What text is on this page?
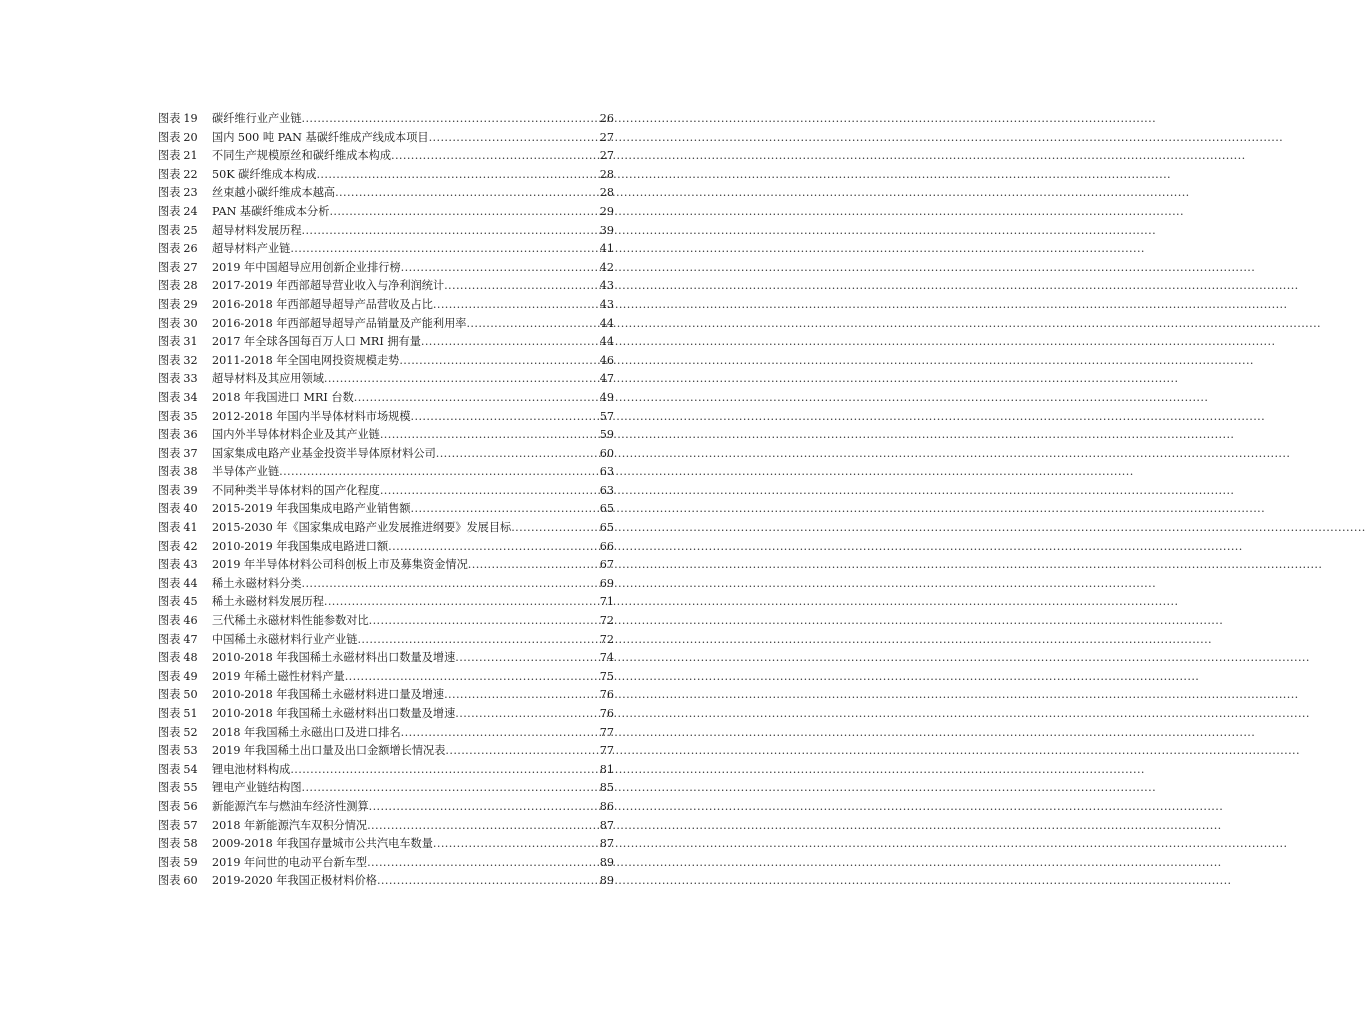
图表 19	碳纤维行业产业链 .....	26
图表 20	国内 500 吨 PAN 基碳纤维成产线成本项目 .....	27
图表 21	不同生产规模原丝和碳纤维成本构成 .....	27
图表 22	50K 碳纤维成本构成 .....	28
图表 23	丝束越小碳纤维成本越高 .....	28
图表 24	PAN 基碳纤维成本分析 .....	29
图表 25	超导材料发展历程 .....	39
图表 26	超导材料产业链 .....	41
图表 27	2019 年中国超导应用创新企业排行榜 .....	42
图表 28	2017-2019 年西部超导营业收入与净利润统计 .....	43
图表 29	2016-2018 年西部超导超导产品营收及占比 .....	43
图表 30	2016-2018 年西部超导超导产品销量及产能利用率 .....	44
图表 31	2017 年全球各国每百万人口 MRI 拥有量 .....	44
图表 32	2011-2018 年全国电网投资规模走势 .....	46
图表 33	超导材料及其应用领域 .....	47
图表 34	2018 年我国进口 MRI 台数 .....	49
图表 35	2012-2018 年国内半导体材料市场规模 .....	57
图表 36	国内外半导体材料企业及其产业链 .....	59
图表 37	国家集成电路产业基金投资半导体原材料公司 .....	60
图表 38	半导体产业链 .....	63
图表 39	不同种类半导体材料的国产化程度 .....	63
图表 40	2015-2019 年我国集成电路产业销售额 .....	65
图表 41	2015-2030 年《国家集成电路产业发展推进纲要》发展目标 .....	65
图表 42	2010-2019 年我国集成电路进口额 .....	66
图表 43	2019 年半导体材料公司科创板上市及募集资金情况 .....	67
图表 44	稀土永磁材料分类 .....	69
图表 45	稀土永磁材料发展历程 .....	71
图表 46	三代稀土永磁材料性能参数对比 .....	72
图表 47	中国稀土永磁材料行业产业链 .....	72
图表 48	2010-2018 年我国稀土永磁材料出口数量及增速 .....	74
图表 49	2019 年稀土磁性材料产量 .....	75
图表 50	2010-2018 年我国稀土永磁材料进口量及增速 .....	76
图表 51	2010-2018 年我国稀土永磁材料出口数量及增速 .....	76
图表 52	2018 年我国稀土永磁出口及进口排名 .....	77
图表 53	2019 年我国稀土出口量及出口金额增长情况表 .....	77
图表 54	锂电池材料构成 .....	81
图表 55	锂电产业链结构图 .....	85
图表 56	新能源汽车与燃油车经济性测算 .....	86
图表 57	2018 年新能源汽车双积分情况 .....	87
图表 58	2009-2018 年我国存量城市公共汽电车数量 .....	87
图表 59	2019 年问世的电动平台新车型 .....	89
图表 60	2019-2020 年我国正极材料价格 .....	89
